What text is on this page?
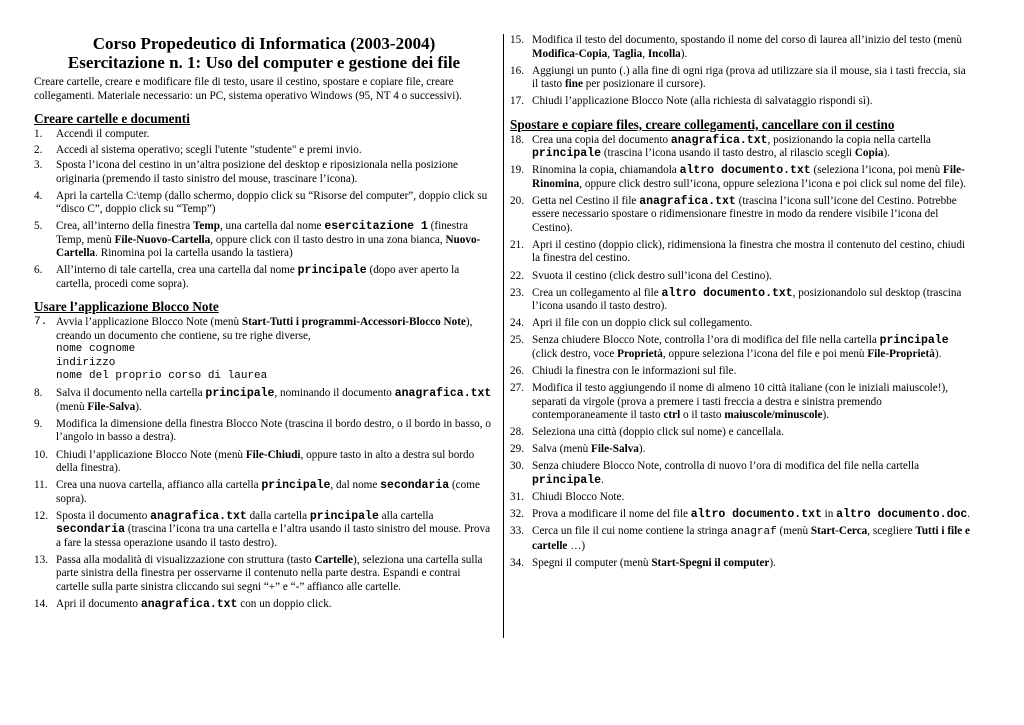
Corso Propedeutico di Informatica (2003-2004)
Esercitazione n. 1: Uso del computer e gestione dei file

Creare cartelle, creare e modificare file di testo, usare il cestino, spostare e copiare file, creare collegamenti. Materiale necessario: un PC, sistema operativo Windows (95, NT 4 o successivi).

Creare cartelle e documenti
1. Accendi il computer.
2. Accedi al sistema operativo; scegli l'utente "studente" e premi invio.
3. Sposta l’icona del cestino in un’altra posizione del desktop e riposizionala nella posizione originaria (premendo il tasto sinistro del mouse, trascinare l’icona).
4. Apri la cartella C:\temp (dallo schermo, doppio click su “Risorse del computer”, doppio click su “disco C”, doppio click su “Temp”)
5. Crea, all’interno della finestra Temp, una cartella dal nome esercitazione 1 (finestra Temp, menù File-Nuovo-Cartella, oppure click con il tasto destro in una zona bianca, Nuovo-Cartella. Rinomina poi la cartella usando la tastiera)
6. All’interno di tale cartella, crea una cartella dal nome principale (dopo aver aperto la cartella, procedi come sopra).
Usare l’applicazione Blocco Note
7. Avvia l’applicazione Blocco Note (menù Start-Tutti i programmi-Accessori-Blocco Note), creando un documento che contiene, su tre righe diverse,
nome cognome
indirizzo
nome del proprio corso di laurea
8. Salva il documento nella cartella principale, nominando il documento anagrafica.txt (menù File-Salva).
9. Modifica la dimensione della finestra Blocco Note (trascina il bordo destro, o il bordo in basso, o l’angolo in basso a destra).
10. Chiudi l’applicazione Blocco Note (menù File-Chiudi, oppure tasto in alto a destra sul bordo della finestra).
11. Crea una nuova cartella, affianco alla cartella principale, dal nome secondaria (come sopra).
12. Sposta il documento anagrafica.txt dalla cartella principale alla cartella secondaria (trascina l’icona tra una cartella e l’altra usando il tasto sinistro del mouse. Prova a fare la stessa operazione usando il tasto destro).
13. Passa alla modalità di visualizzazione con struttura (tasto Cartelle), seleziona una cartella sulla parte sinistra della finestra per osservarne il contenuto nella parte destra. Espandi e contrai cartelle sulla parte sinistra cliccando sui segni “+” e “-” affianco alle cartelle.
14. Apri il documento anagrafica.txt con un doppio click.
15. Modifica il testo del documento, spostando il nome del corso di laurea all’inizio del testo (menù Modifica-Copia, Taglia, Incolla).
16. Aggiungi un punto (.) alla fine di ogni riga (prova ad utilizzare sia il mouse, sia i tasti freccia, sia il tasto fine per posizionare il cursore).
17. Chiudi l’applicazione Blocco Note (alla richiesta di salvataggio rispondi sì).
Spostare e copiare files, creare collegamenti, cancellare con il cestino
18. Crea una copia del documento anagrafica.txt, posizionando la copia nella cartella principale (trascina l’icona usando il tasto destro, al rilascio scegli Copia).
19. Rinomina la copia, chiamandola altro documento.txt (seleziona l’icona, poi menù File-Rinomina, oppure click destro sull’icona, oppure seleziona l’icona e poi click sul nome del file).
20. Getta nel Cestino il file anagrafica.txt (trascina l’icona sull’icone del Cestino. Potrebbe essere necessario spostare o ridimensionare finestre in modo da rendere visibile l’icona del Cestino).
21. Apri il cestino (doppio click), ridimensiona la finestra che mostra il contenuto del cestino, chiudi la finestra del cestino.
22. Svuota il cestino (click destro sull’icona del Cestino).
23. Crea un collegamento al file altro documento.txt, posizionandolo sul desktop (trascina l’icona usando il tasto destro).
24. Apri il file con un doppio click sul collegamento.
25. Senza chiudere Blocco Note, controlla l’ora di modifica del file nella cartella principale (click destro, voce Proprietà, oppure seleziona l’icona del file e poi menù File-Proprietà).
26. Chiudi la finestra con le informazioni sul file.
27. Modifica il testo aggiungendo il nome di almeno 10 città italiane (con le iniziali maiuscole!), separati da virgole (prova a premere i tasti freccia a destra e sinistra premendo contemporaneamente il tasto ctrl o il tasto maiuscole/minuscole).
28. Seleziona una città (doppio click sul nome) e cancellala.
29. Salva (menù File-Salva).
30. Senza chiudere Blocco Note, controlla di nuovo l’ora di modifica del file nella cartella principale.
31. Chiudi Blocco Note.
32. Prova a modificare il nome del file altro documento.txt in altro documento.doc.
33. Cerca un file il cui nome contiene la stringa anagraf (menù Start-Cerca, scegliere Tutti i file e cartelle …)
34. Spegni il computer (menù Start-Spegni il computer).
